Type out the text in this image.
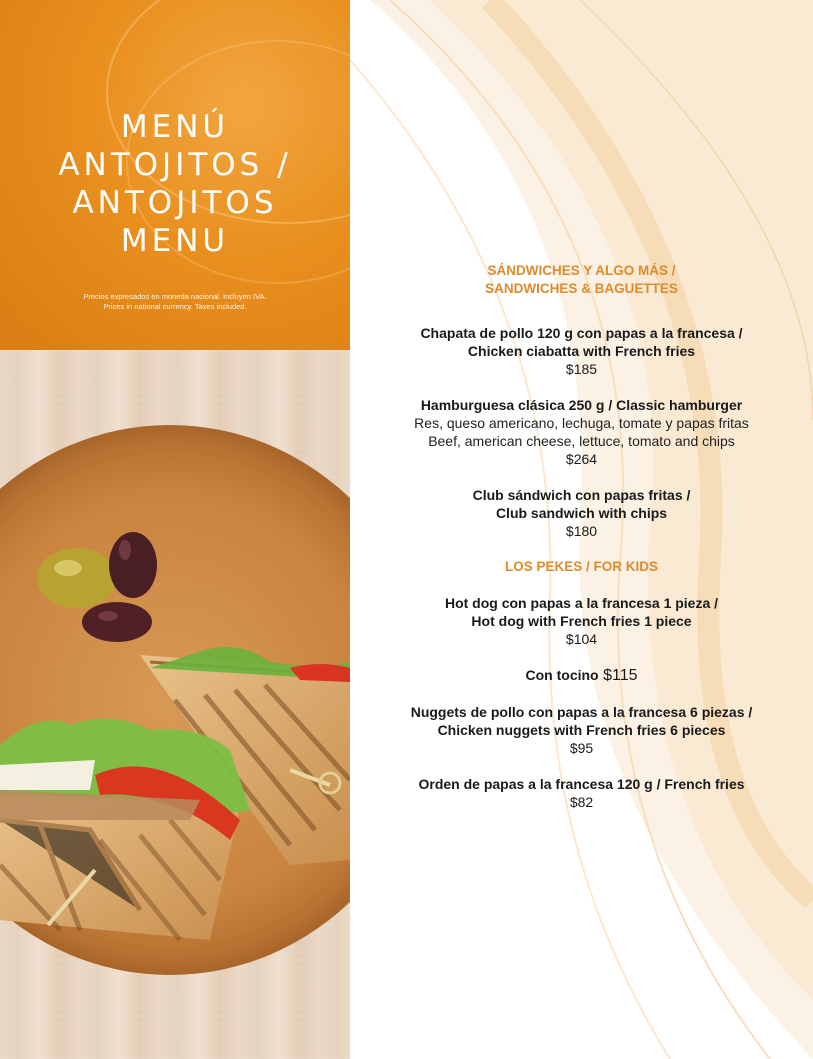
MENÚ
ANTOJITOS /
ANTOJITOS
MENU
Precios expresados en moneda nacional. Incluyen IVA.
Prices in national currency. Taxes included.

SÁNDWICHES Y ALGO MÁS /
SANDWICHES & BAGUETTES

Chapata de pollo 120 g con papas a la francesa /
Chicken ciabatta with French fries
$185
Hamburguesa clásica 250 g / Classic hamburger
Res, queso americano, lechuga, tomate y papas fritas
Beef, american cheese, lettuce, tomato and chips
$264
Club sándwich con papas fritas /
Club sandwich with chips
$180

LOS PEKES / FOR KIDS

Hot dog con papas a la francesa 1 pieza /
Hot dog with French fries 1 piece
$104
Con tocino $115
Nuggets de pollo con papas a la francesa 6 piezas /
Chicken nuggets with French fries 6 pieces
$95
Orden de papas a la francesa 120 g / French fries
$82
